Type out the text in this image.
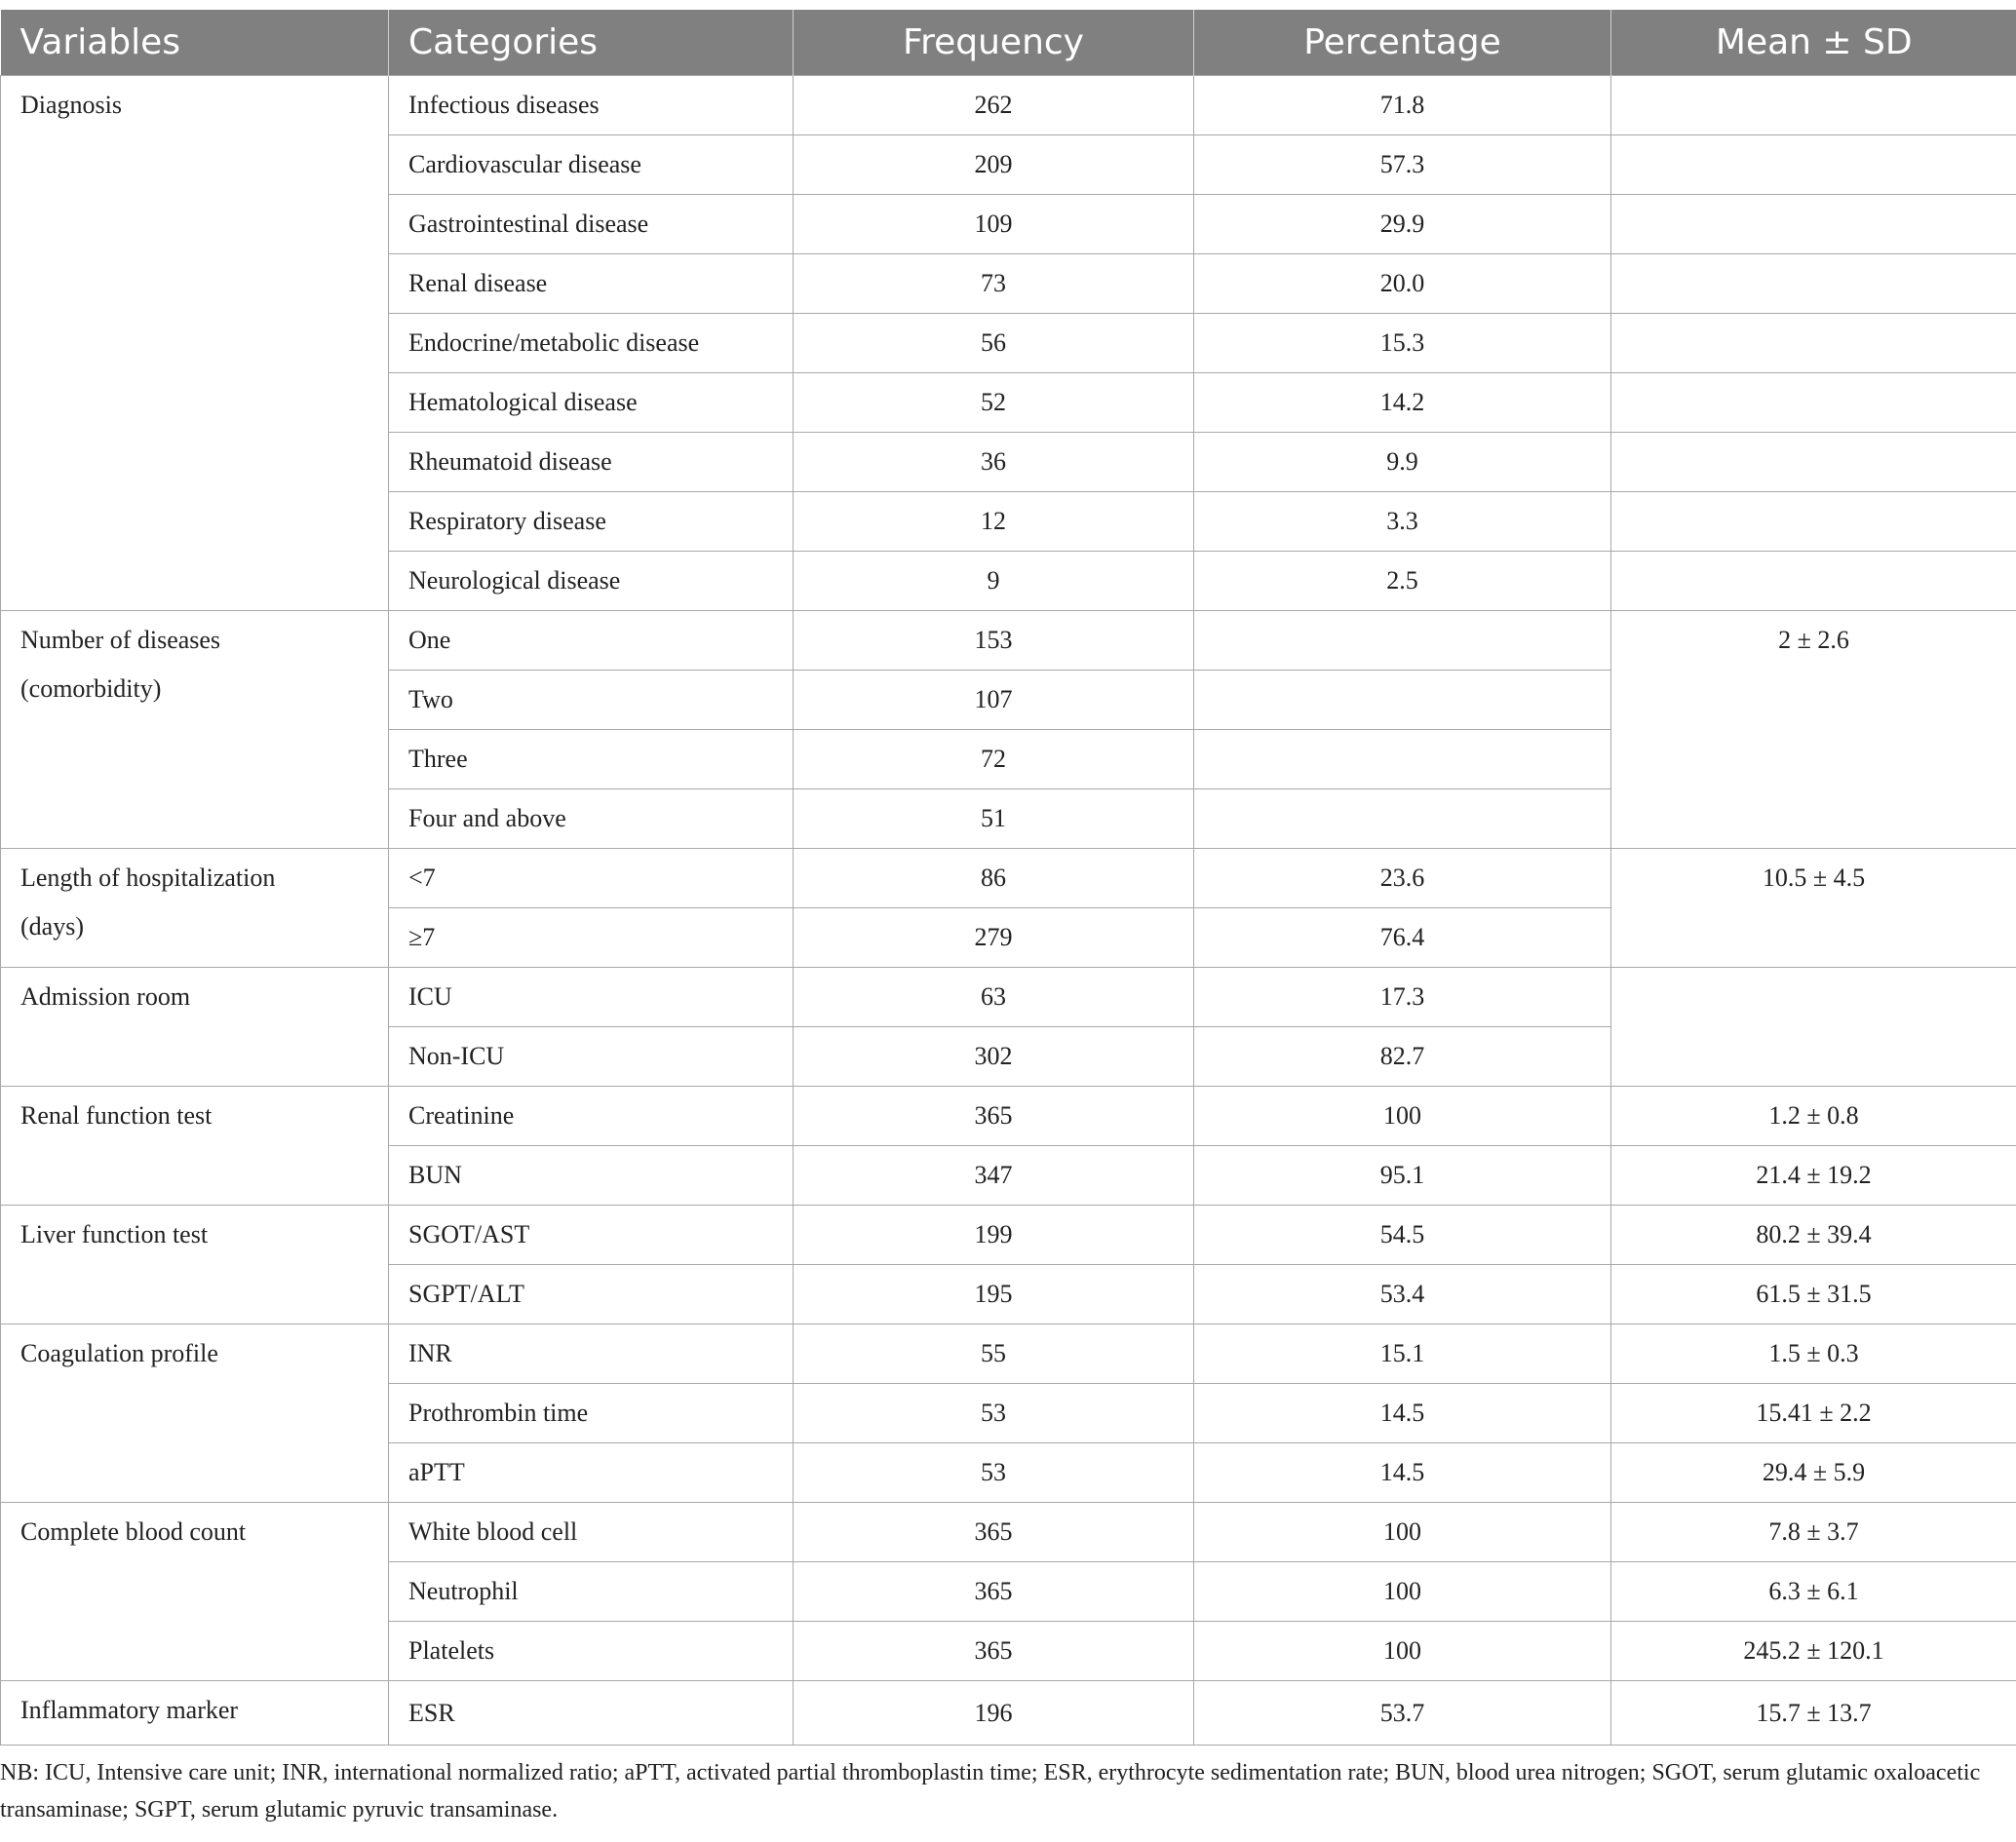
Variables	Categories	Frequency	Percentage	Mean ± SD
Diagnosis	Infectious diseases	262	71.8	
	Cardiovascular disease	209	57.3	
	Gastrointestinal disease	109	29.9	
	Renal disease	73	20.0	
	Endocrine/metabolic disease	56	15.3	
	Hematological disease	52	14.2	
	Rheumatoid disease	36	9.9	
	Respiratory disease	12	3.3	
	Neurological disease	9	2.5	
Number of diseases
(comorbidity)	One	153		2 ± 2.6
	Two	107		
	Three	72		
	Four and above	51		
Length of hospitalization
(days)	<7	86	23.6	10.5 ± 4.5
	≥7	279	76.4	
Admission room	ICU	63	17.3	
	Non-ICU	302	82.7	
Renal function test	Creatinine	365	100	1.2 ± 0.8
	BUN	347	95.1	21.4 ± 19.2
Liver function test	SGOT/AST	199	54.5	80.2 ± 39.4
	SGPT/ALT	195	53.4	61.5 ± 31.5
Coagulation profile	INR	55	15.1	1.5 ± 0.3
	Prothrombin time	53	14.5	15.41 ± 2.2
	aPTT	53	14.5	29.4 ± 5.9
Complete blood count	White blood cell	365	100	7.8 ± 3.7
	Neutrophil	365	100	6.3 ± 6.1
	Platelets	365	100	245.2 ± 120.1
Inflammatory marker	ESR	196	53.7	15.7 ± 13.7
NB: ICU, Intensive care unit; INR, international normalized ratio; aPTT, activated partial thromboplastin time; ESR, erythrocyte sedimentation rate; BUN, blood urea nitrogen; SGOT, serum glutamic oxaloacetic transaminase; SGPT, serum glutamic pyruvic transaminase.
